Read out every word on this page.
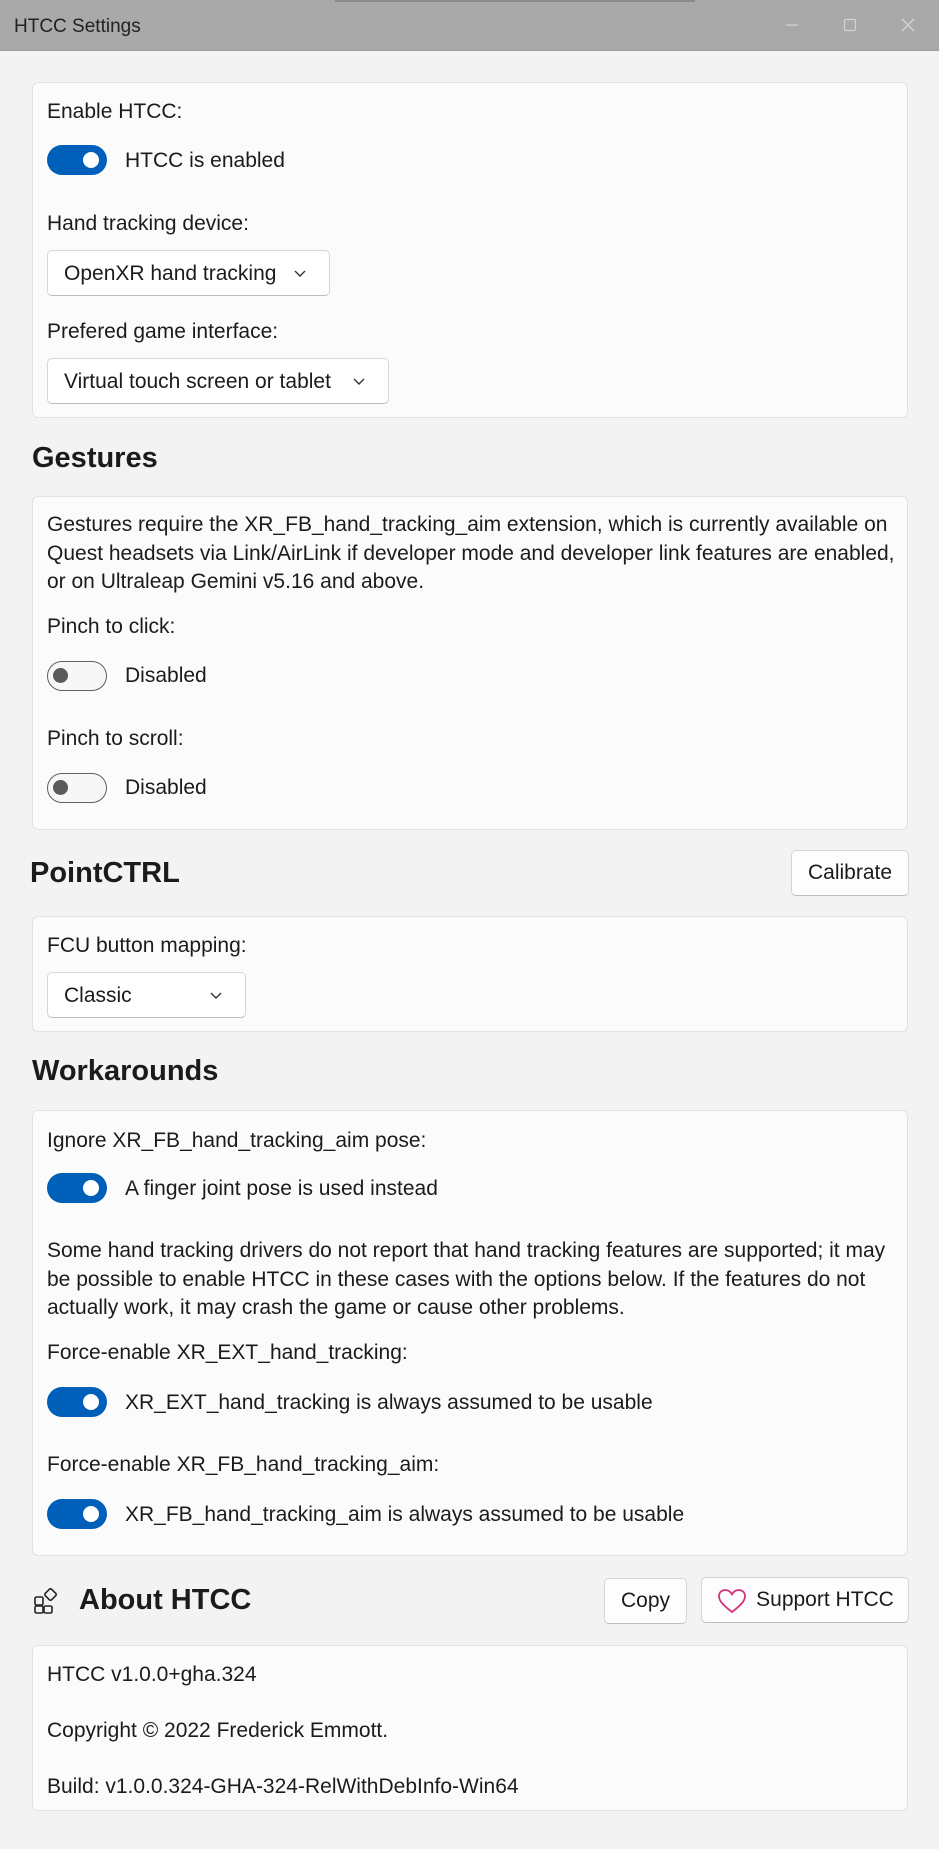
HTCC Settings
Enable HTCC:
HTCC is enabled
Hand tracking device:
OpenXR hand tracking
Prefered game interface:
Virtual touch screen or tablet
Gestures
Gestures require the XR_FB_hand_tracking_aim extension, which is currently available on Quest headsets via Link/AirLink if developer mode and developer link features are enabled, or on Ultraleap Gemini v5.16 and above.
Pinch to click:
Disabled
Pinch to scroll:
Disabled
PointCTRL	Calibrate
FCU button mapping:
Classic
Workarounds
Ignore XR_FB_hand_tracking_aim pose:
A finger joint pose is used instead
Some hand tracking drivers do not report that hand tracking features are supported; it may be possible to enable HTCC in these cases with the options below. If the features do not actually work, it may crash the game or cause other problems.
Force-enable XR_EXT_hand_tracking:
XR_EXT_hand_tracking is always assumed to be usable
Force-enable XR_FB_hand_tracking_aim:
XR_FB_hand_tracking_aim is always assumed to be usable
About HTCC	Copy	Support HTCC
HTCC v1.0.0+gha.324
Copyright © 2022 Frederick Emmott.
Build: v1.0.0.324-GHA-324-RelWithDebInfo-Win64
